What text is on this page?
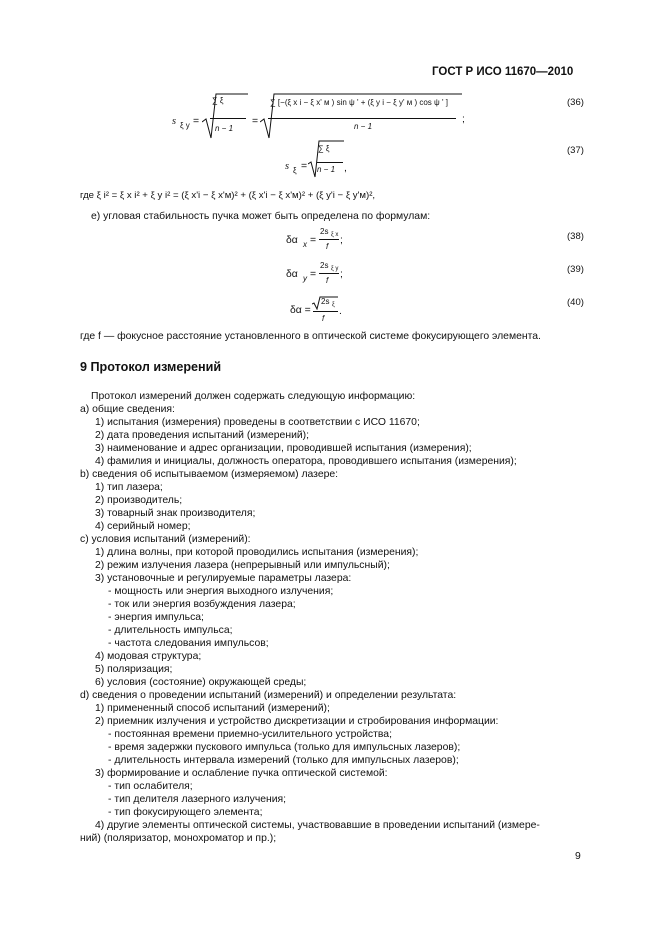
ГОСТ Р ИСО 11670—2010
s ξ y =
∑ ξ
n − 1
=
∑ [−(ξ x i − ξ x' м ) sin ψ ' + (ξ y i − ξ y' м ) cos ψ ' ]
n − 1
;
(36)
s ξ =
∑ ξ
n − 1 ,
(37)
где ξ i² = ξ x i² + ξ y i² = (ξ x'i − ξ x'м)² + (ξ x'i − ξ x'м)² + (ξ y'i − ξ y'м)²,
e) угловая стабильность пучка может быть определена по формулам:
δα x =
2s ξ x
f
;	(38)
δα y =
2s ξ y
f
;	(39)
δα =
2s ξ
f
.
(40)
где f — фокусное расстояние установленного в оптической системе фокусирующего элемента.
9 Протокол измерений
Протокол измерений должен содержать следующую информацию:
a) общие сведения:
1) испытания (измерения) проведены в соответствии с ИСО 11670;
2) дата проведения испытаний (измерений);
3) наименование и адрес организации, проводившей испытания (измерения);
4) фамилия и инициалы, должность оператора, проводившего испытания (измерения);
b) сведения об испытываемом (измеряемом) лазере:
1) тип лазера;
2) производитель;
3) товарный знак производителя;
4) серийный номер;
c) условия испытаний (измерений):
1) длина волны, при которой проводились испытания (измерения);
2) режим излучения лазера (непрерывный или импульсный);
3) установочные и регулируемые параметры лазера:
- мощность или энергия выходного излучения;
- ток или энергия возбуждения лазера;
- энергия импульса;
- длительность импульса;
- частота следования импульсов;
4) модовая структура;
5) поляризация;
6) условия (состояние) окружающей среды;
d) сведения о проведении испытаний (измерений) и определении результата:
1) примененный способ испытаний (измерений);
2) приемник излучения и устройство дискретизации и стробирования информации:
- постоянная времени приемно-усилительного устройства;
- время задержки пускового импульса (только для импульсных лазеров);
- длительность интервала измерений (только для импульсных лазеров);
3) формирование и ослабление пучка оптической системой:
- тип ослабителя;
- тип делителя лазерного излучения;
- тип фокусирующего элемента;
4) другие элементы оптической системы, участвовавшие в проведении испытаний (измере-
ний) (поляризатор, монохроматор и пр.);
9
